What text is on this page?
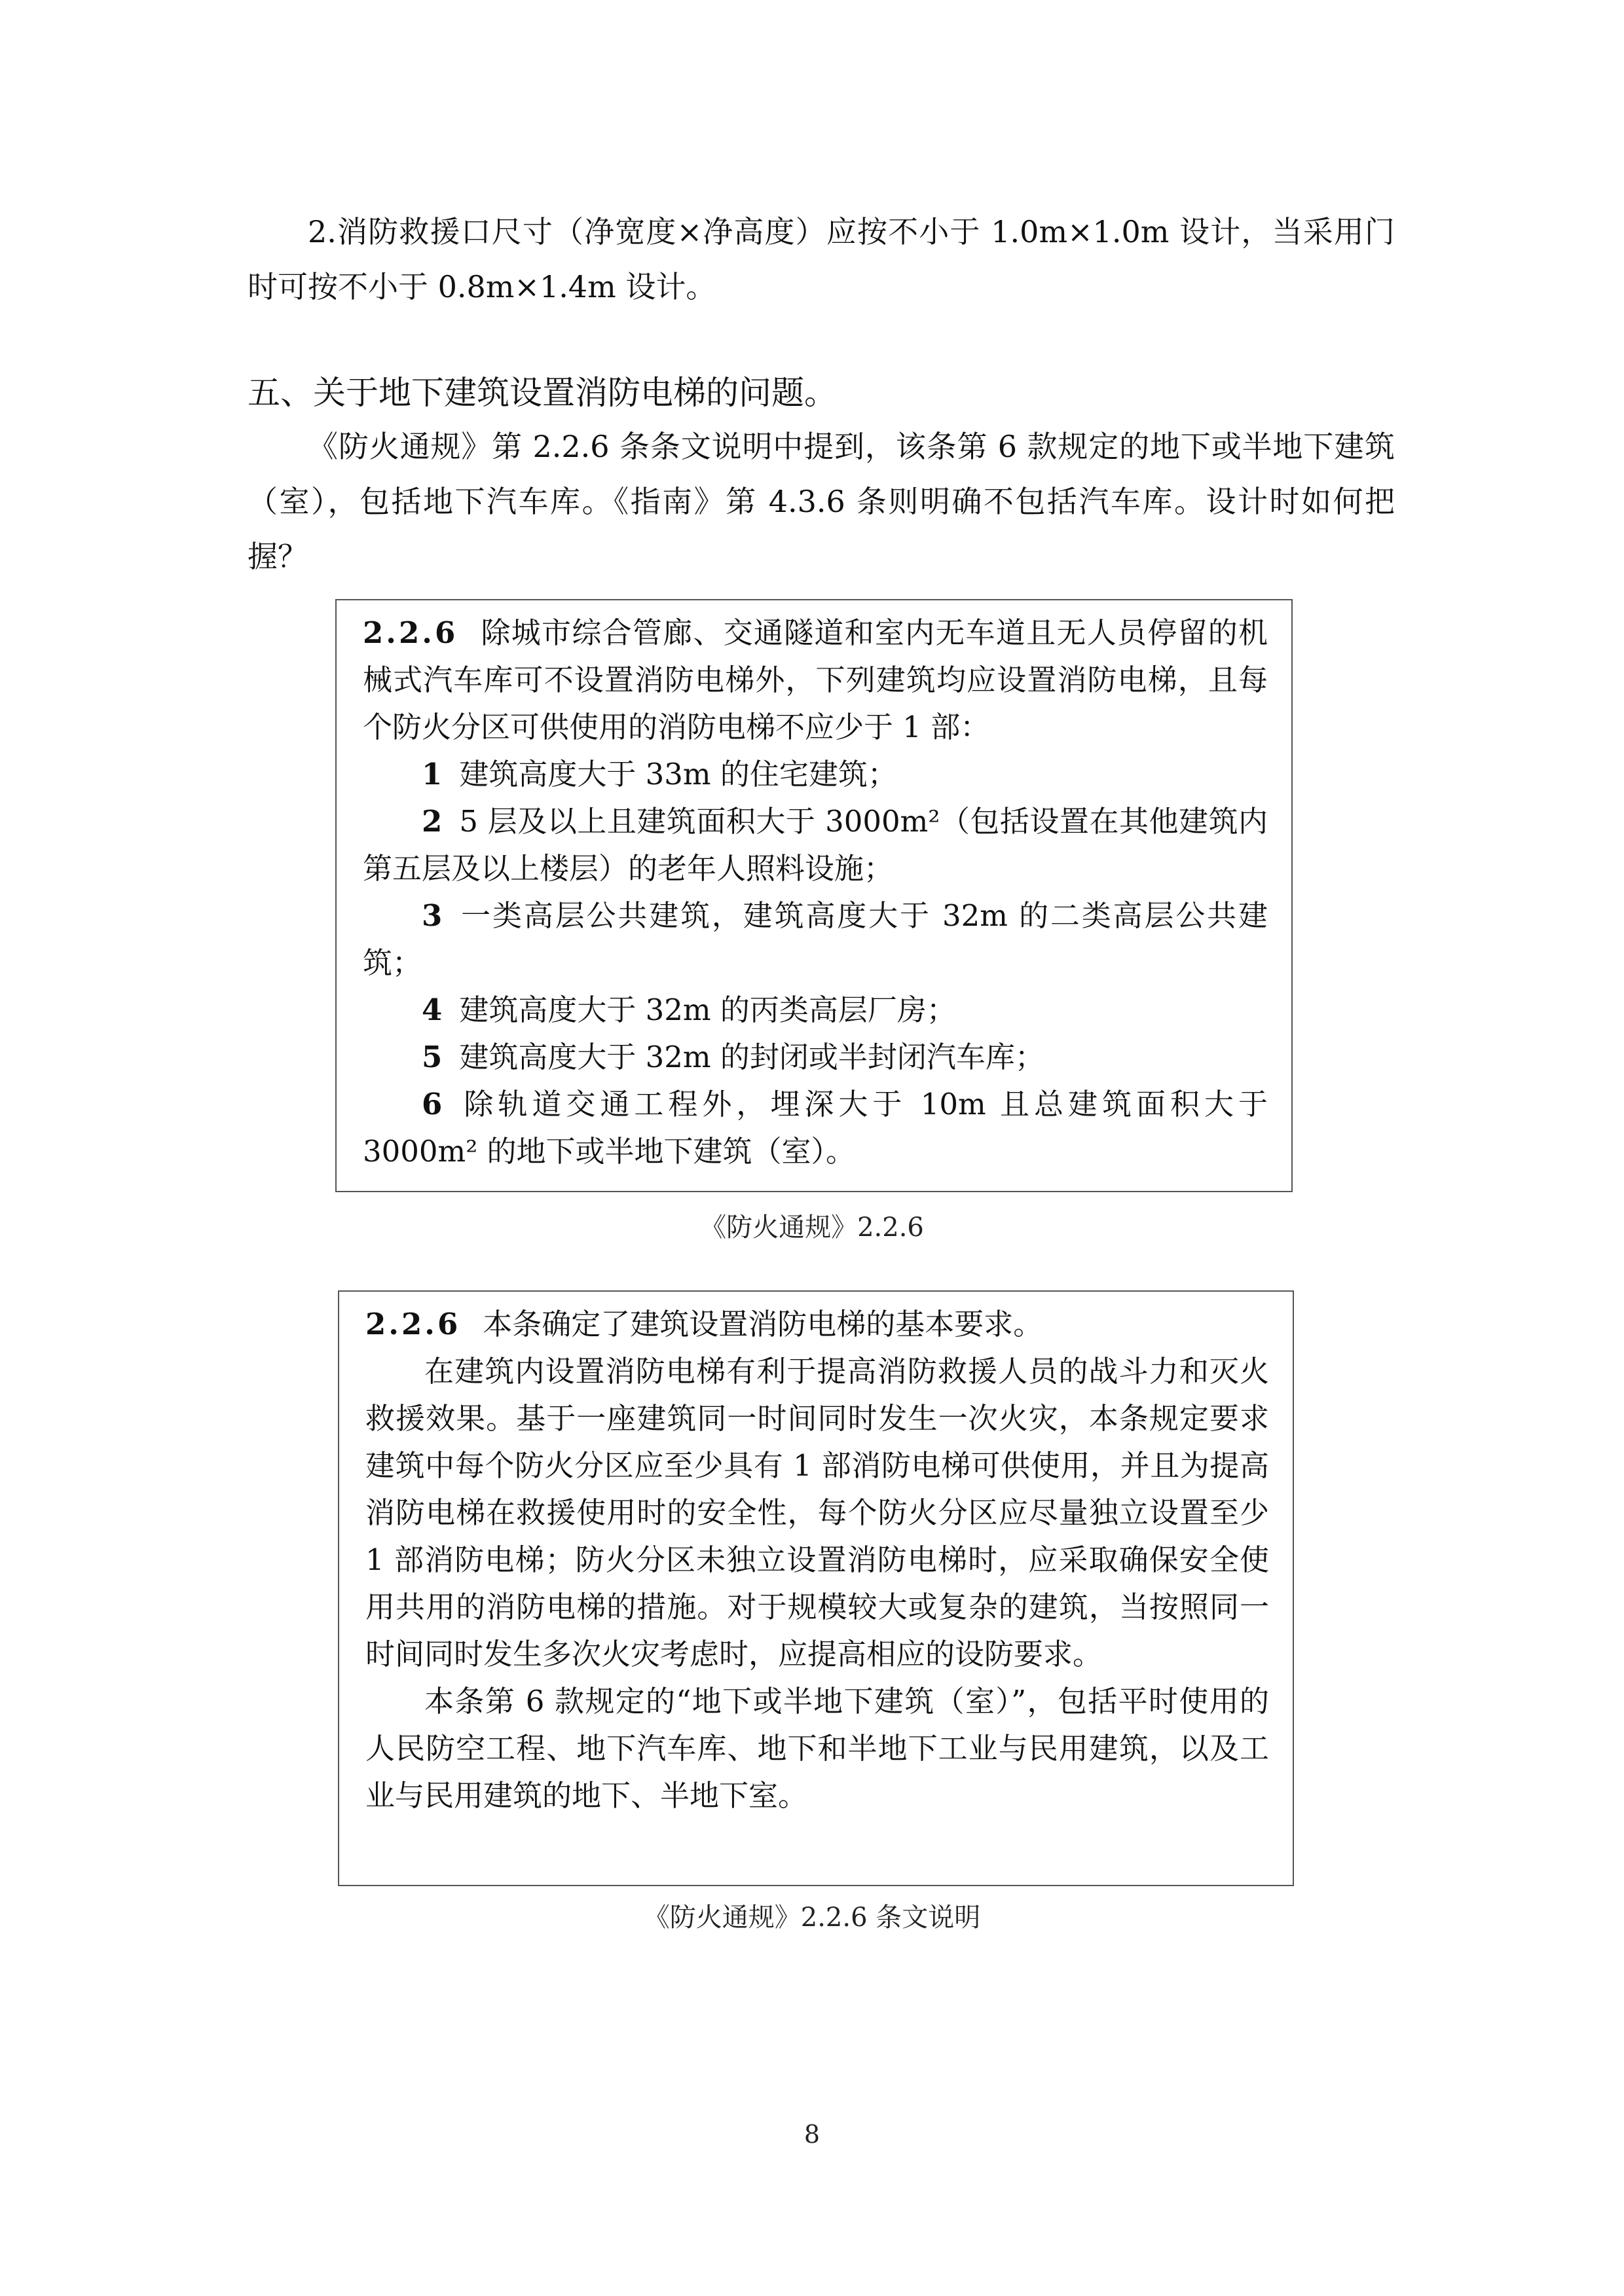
2.消防救援口尺寸（净宽度×净高度）应按不小于 1.0m×1.0m 设计，当采用门时可按不小于 0.8m×1.4m 设计。

五、关于地下建筑设置消防电梯的问题。

《防火通规》第 2.2.6 条条文说明中提到，该条第 6 款规定的地下或半地下建筑（室），包括地下汽车库。《指南》第 4.3.6 条则明确不包括汽车库。设计时如何把握？

2.2.6 除城市综合管廊、交通隧道和室内无车道且无人员停留的机械式汽车库可不设置消防电梯外，下列建筑均应设置消防电梯，且每个防火分区可供使用的消防电梯不应少于 1 部：

1 建筑高度大于 33m 的住宅建筑；

2 5 层及以上且建筑面积大于 3000m²（包括设置在其他建筑内第五层及以上楼层）的老年人照料设施；

3 一类高层公共建筑，建筑高度大于 32m 的二类高层公共建筑；

4 建筑高度大于 32m 的丙类高层厂房；

5 建筑高度大于 32m 的封闭或半封闭汽车库；

6 除轨道交通工程外，埋深大于 10m 且总建筑面积大于 3000m² 的地下或半地下建筑（室）。

《防火通规》2.2.6

2.2.6 本条确定了建筑设置消防电梯的基本要求。

在建筑内设置消防电梯有利于提高消防救援人员的战斗力和灭火救援效果。基于一座建筑同一时间同时发生一次火灾，本条规定要求建筑中每个防火分区应至少具有 1 部消防电梯可供使用，并且为提高消防电梯在救援使用时的安全性，每个防火分区应尽量独立设置至少 1 部消防电梯；防火分区未独立设置消防电梯时，应采取确保安全使用共用的消防电梯的措施。对于规模较大或复杂的建筑，当按照同一时间同时发生多次火灾考虑时，应提高相应的设防要求。

本条第 6 款规定的“地下或半地下建筑（室）”，包括平时使用的人民防空工程、地下汽车库、地下和半地下工业与民用建筑，以及工业与民用建筑的地下、半地下室。

《防火通规》2.2.6 条文说明

8
